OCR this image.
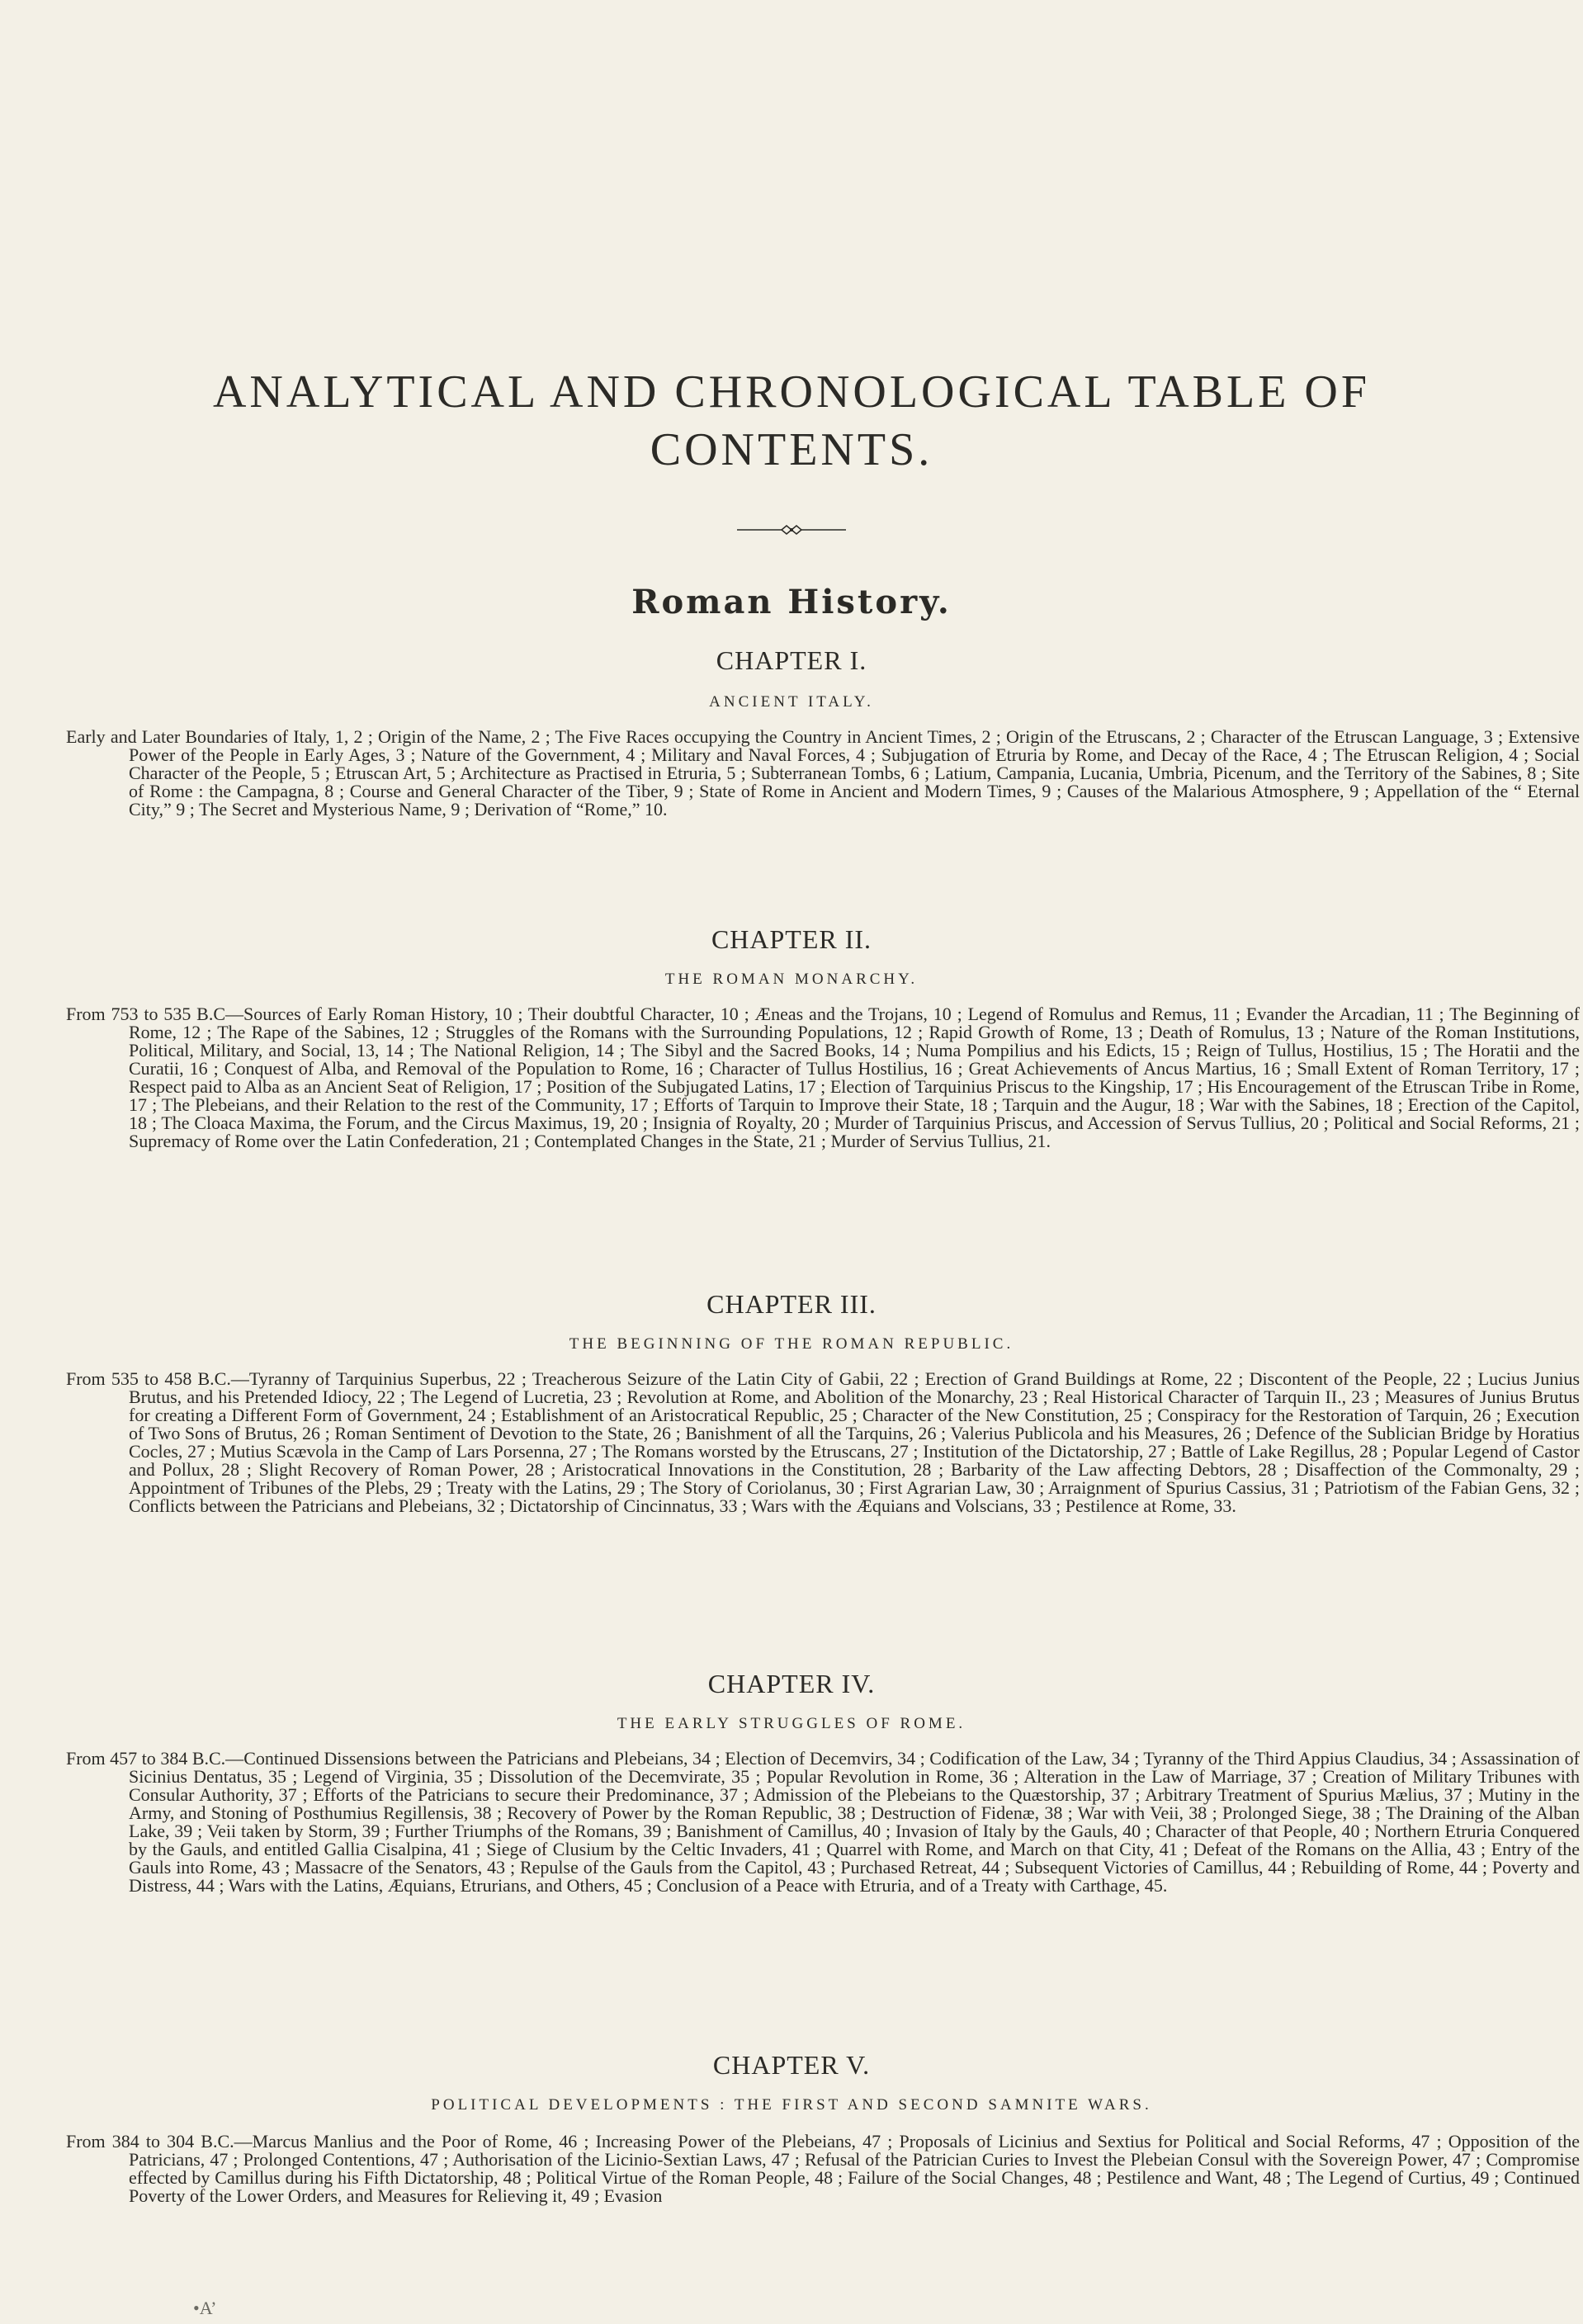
ANALYTICAL AND CHRONOLOGICAL TABLE OF
CONTENTS.
Roman History.
CHAPTER I.
ANCIENT ITALY.

Early and Later Boundaries of Italy, 1, 2 ; Origin of the Name, 2 ; The Five Races occupying the Country in Ancient Times, 2 ; Origin of the Etruscans, 2 ; Character of the Etruscan Language, 3 ; Extensive Power of the People in Early Ages, 3 ; Nature of the Government, 4 ; Military and Naval Forces, 4 ; Subjugation of Etruria by Rome, and Decay of the Race, 4 ; The Etruscan Religion, 4 ; Social Character of the People, 5 ; Etruscan Art, 5 ; Architecture as Practised in Etruria, 5 ; Subterranean Tombs, 6 ; Latium, Campania, Lucania, Umbria, Picenum, and the Territory of the Sabines, 8 ; Site of Rome : the Campagna, 8 ; Course and General Character of the Tiber, 9 ; State of Rome in Ancient and Modern Times, 9 ; Causes of the Malarious Atmosphere, 9 ; Appellation of the “ Eternal City,” 9 ; The Secret and Mysterious Name, 9 ; Derivation of “Rome,” 10.

CHAPTER II.
THE ROMAN MONARCHY.

From 753 to 535 B.C—Sources of Early Roman History, 10 ; Their doubtful Character, 10 ; Æneas and the Trojans, 10 ; Legend of Romulus and Remus, 11 ; Evander the Arcadian, 11 ; The Beginning of Rome, 12 ; The Rape of the Sabines, 12 ; Struggles of the Romans with the Surrounding Populations, 12 ; Rapid Growth of Rome, 13 ; Death of Romulus, 13 ; Nature of the Roman Institutions, Political, Military, and Social, 13, 14 ; The National Religion, 14 ; The Sibyl and the Sacred Books, 14 ; Numa Pompilius and his Edicts, 15 ; Reign of Tullus, Hostilius, 15 ; The Horatii and the Curatii, 16 ; Conquest of Alba, and Removal of the Population to Rome, 16 ; Character of Tullus Hostilius, 16 ; Great Achievements of Ancus Martius, 16 ; Small Extent of Roman Territory, 17 ; Respect paid to Alba as an Ancient Seat of Religion, 17 ; Position of the Subjugated Latins, 17 ; Election of Tarquinius Priscus to the Kingship, 17 ; His Encouragement of the Etruscan Tribe in Rome, 17 ; The Plebeians, and their Relation to the rest of the Community, 17 ; Efforts of Tarquin to Improve their State, 18 ; Tarquin and the Augur, 18 ; War with the Sabines, 18 ; Erection of the Capitol, 18 ; The Cloaca Maxima, the Forum, and the Circus Maximus, 19, 20 ; Insignia of Royalty, 20 ; Murder of Tarquinius Priscus, and Accession of Servus Tullius, 20 ; Political and Social Reforms, 21 ; Supremacy of Rome over the Latin Confederation, 21 ; Contemplated Changes in the State, 21 ; Murder of Servius Tullius, 21.

CHAPTER III.
THE BEGINNING OF THE ROMAN REPUBLIC.

From 535 to 458 B.C.—Tyranny of Tarquinius Superbus, 22 ; Treacherous Seizure of the Latin City of Gabii, 22 ; Erection of Grand Buildings at Rome, 22 ; Discontent of the People, 22 ; Lucius Junius Brutus, and his Pretended Idiocy, 22 ; The Legend of Lucretia, 23 ; Revolution at Rome, and Abolition of the Monarchy, 23 ; Real Historical Character of Tarquin II., 23 ; Measures of Junius Brutus for creating a Different Form of Government, 24 ; Establishment of an Aristocratical Republic, 25 ; Character of the New Constitution, 25 ; Conspiracy for the Restoration of Tarquin, 26 ; Execution of Two Sons of Brutus, 26 ; Roman Sentiment of Devotion to the State, 26 ; Banishment of all the Tarquins, 26 ; Valerius Publicola and his Measures, 26 ; Defence of the Sublician Bridge by Horatius Cocles, 27 ; Mutius Scævola in the Camp of Lars Porsenna, 27 ; The Romans worsted by the Etruscans, 27 ; Institution of the Dictatorship, 27 ; Battle of Lake Regillus, 28 ; Popular Legend of Castor and Pollux, 28 ; Slight Recovery of Roman Power, 28 ; Aristocratical Innovations in the Constitution, 28 ; Barbarity of the Law affecting Debtors, 28 ; Disaffection of the Commonalty, 29 ; Appointment of Tribunes of the Plebs, 29 ; Treaty with the Latins, 29 ; The Story of Coriolanus, 30 ; First Agrarian Law, 30 ; Arraignment of Spurius Cassius, 31 ; Patriotism of the Fabian Gens, 32 ; Conflicts between the Patricians and Plebeians, 32 ; Dictatorship of Cincinnatus, 33 ; Wars with the Æquians and Volscians, 33 ; Pestilence at Rome, 33.

CHAPTER IV.
THE EARLY STRUGGLES OF ROME.

From 457 to 384 B.C.—Continued Dissensions between the Patricians and Plebeians, 34 ; Election of Decemvirs, 34 ; Codification of the Law, 34 ; Tyranny of the Third Appius Claudius, 34 ; Assassination of Sicinius Dentatus, 35 ; Legend of Virginia, 35 ; Dissolution of the Decemvirate, 35 ; Popular Revolution in Rome, 36 ; Alteration in the Law of Marriage, 37 ; Creation of Military Tribunes with Consular Authority, 37 ; Efforts of the Patricians to secure their Predominance, 37 ; Admission of the Plebeians to the Quæstorship, 37 ; Arbitrary Treatment of Spurius Mælius, 37 ; Mutiny in the Army, and Stoning of Posthumius Regillensis, 38 ; Recovery of Power by the Roman Republic, 38 ; Destruction of Fidenæ, 38 ; War with Veii, 38 ; Prolonged Siege, 38 ; The Draining of the Alban Lake, 39 ; Veii taken by Storm, 39 ; Further Triumphs of the Romans, 39 ; Banishment of Camillus, 40 ; Invasion of Italy by the Gauls, 40 ; Character of that People, 40 ; Northern Etruria Conquered by the Gauls, and entitled Gallia Cisalpina, 41 ; Siege of Clusium by the Celtic Invaders, 41 ; Quarrel with Rome, and March on that City, 41 ; Defeat of the Romans on the Allia, 43 ; Entry of the Gauls into Rome, 43 ; Massacre of the Senators, 43 ; Repulse of the Gauls from the Capitol, 43 ; Purchased Retreat, 44 ; Subsequent Victories of Camillus, 44 ; Rebuilding of Rome, 44 ; Poverty and Distress, 44 ; Wars with the Latins, Æquians, Etrurians, and Others, 45 ; Conclusion of a Peace with Etruria, and of a Treaty with Carthage, 45.

CHAPTER V.
POLITICAL DEVELOPMENTS : THE FIRST AND SECOND SAMNITE WARS.

From 384 to 304 B.C.—Marcus Manlius and the Poor of Rome, 46 ; Increasing Power of the Plebeians, 47 ; Proposals of Licinius and Sextius for Political and Social Reforms, 47 ; Opposition of the Patricians, 47 ; Prolonged Contentions, 47 ; Authorisation of the Licinio-Sextian Laws, 47 ; Refusal of the Patrician Curies to Invest the Plebeian Consul with the Sovereign Power, 47 ; Compromise effected by Camillus during his Fifth Dictatorship, 48 ; Political Virtue of the Roman People, 48 ; Failure of the Social Changes, 48 ; Pestilence and Want, 48 ; The Legend of Curtius, 49 ; Continued Poverty of the Lower Orders, and Measures for Relieving it, 49 ; Evasion

•A’
